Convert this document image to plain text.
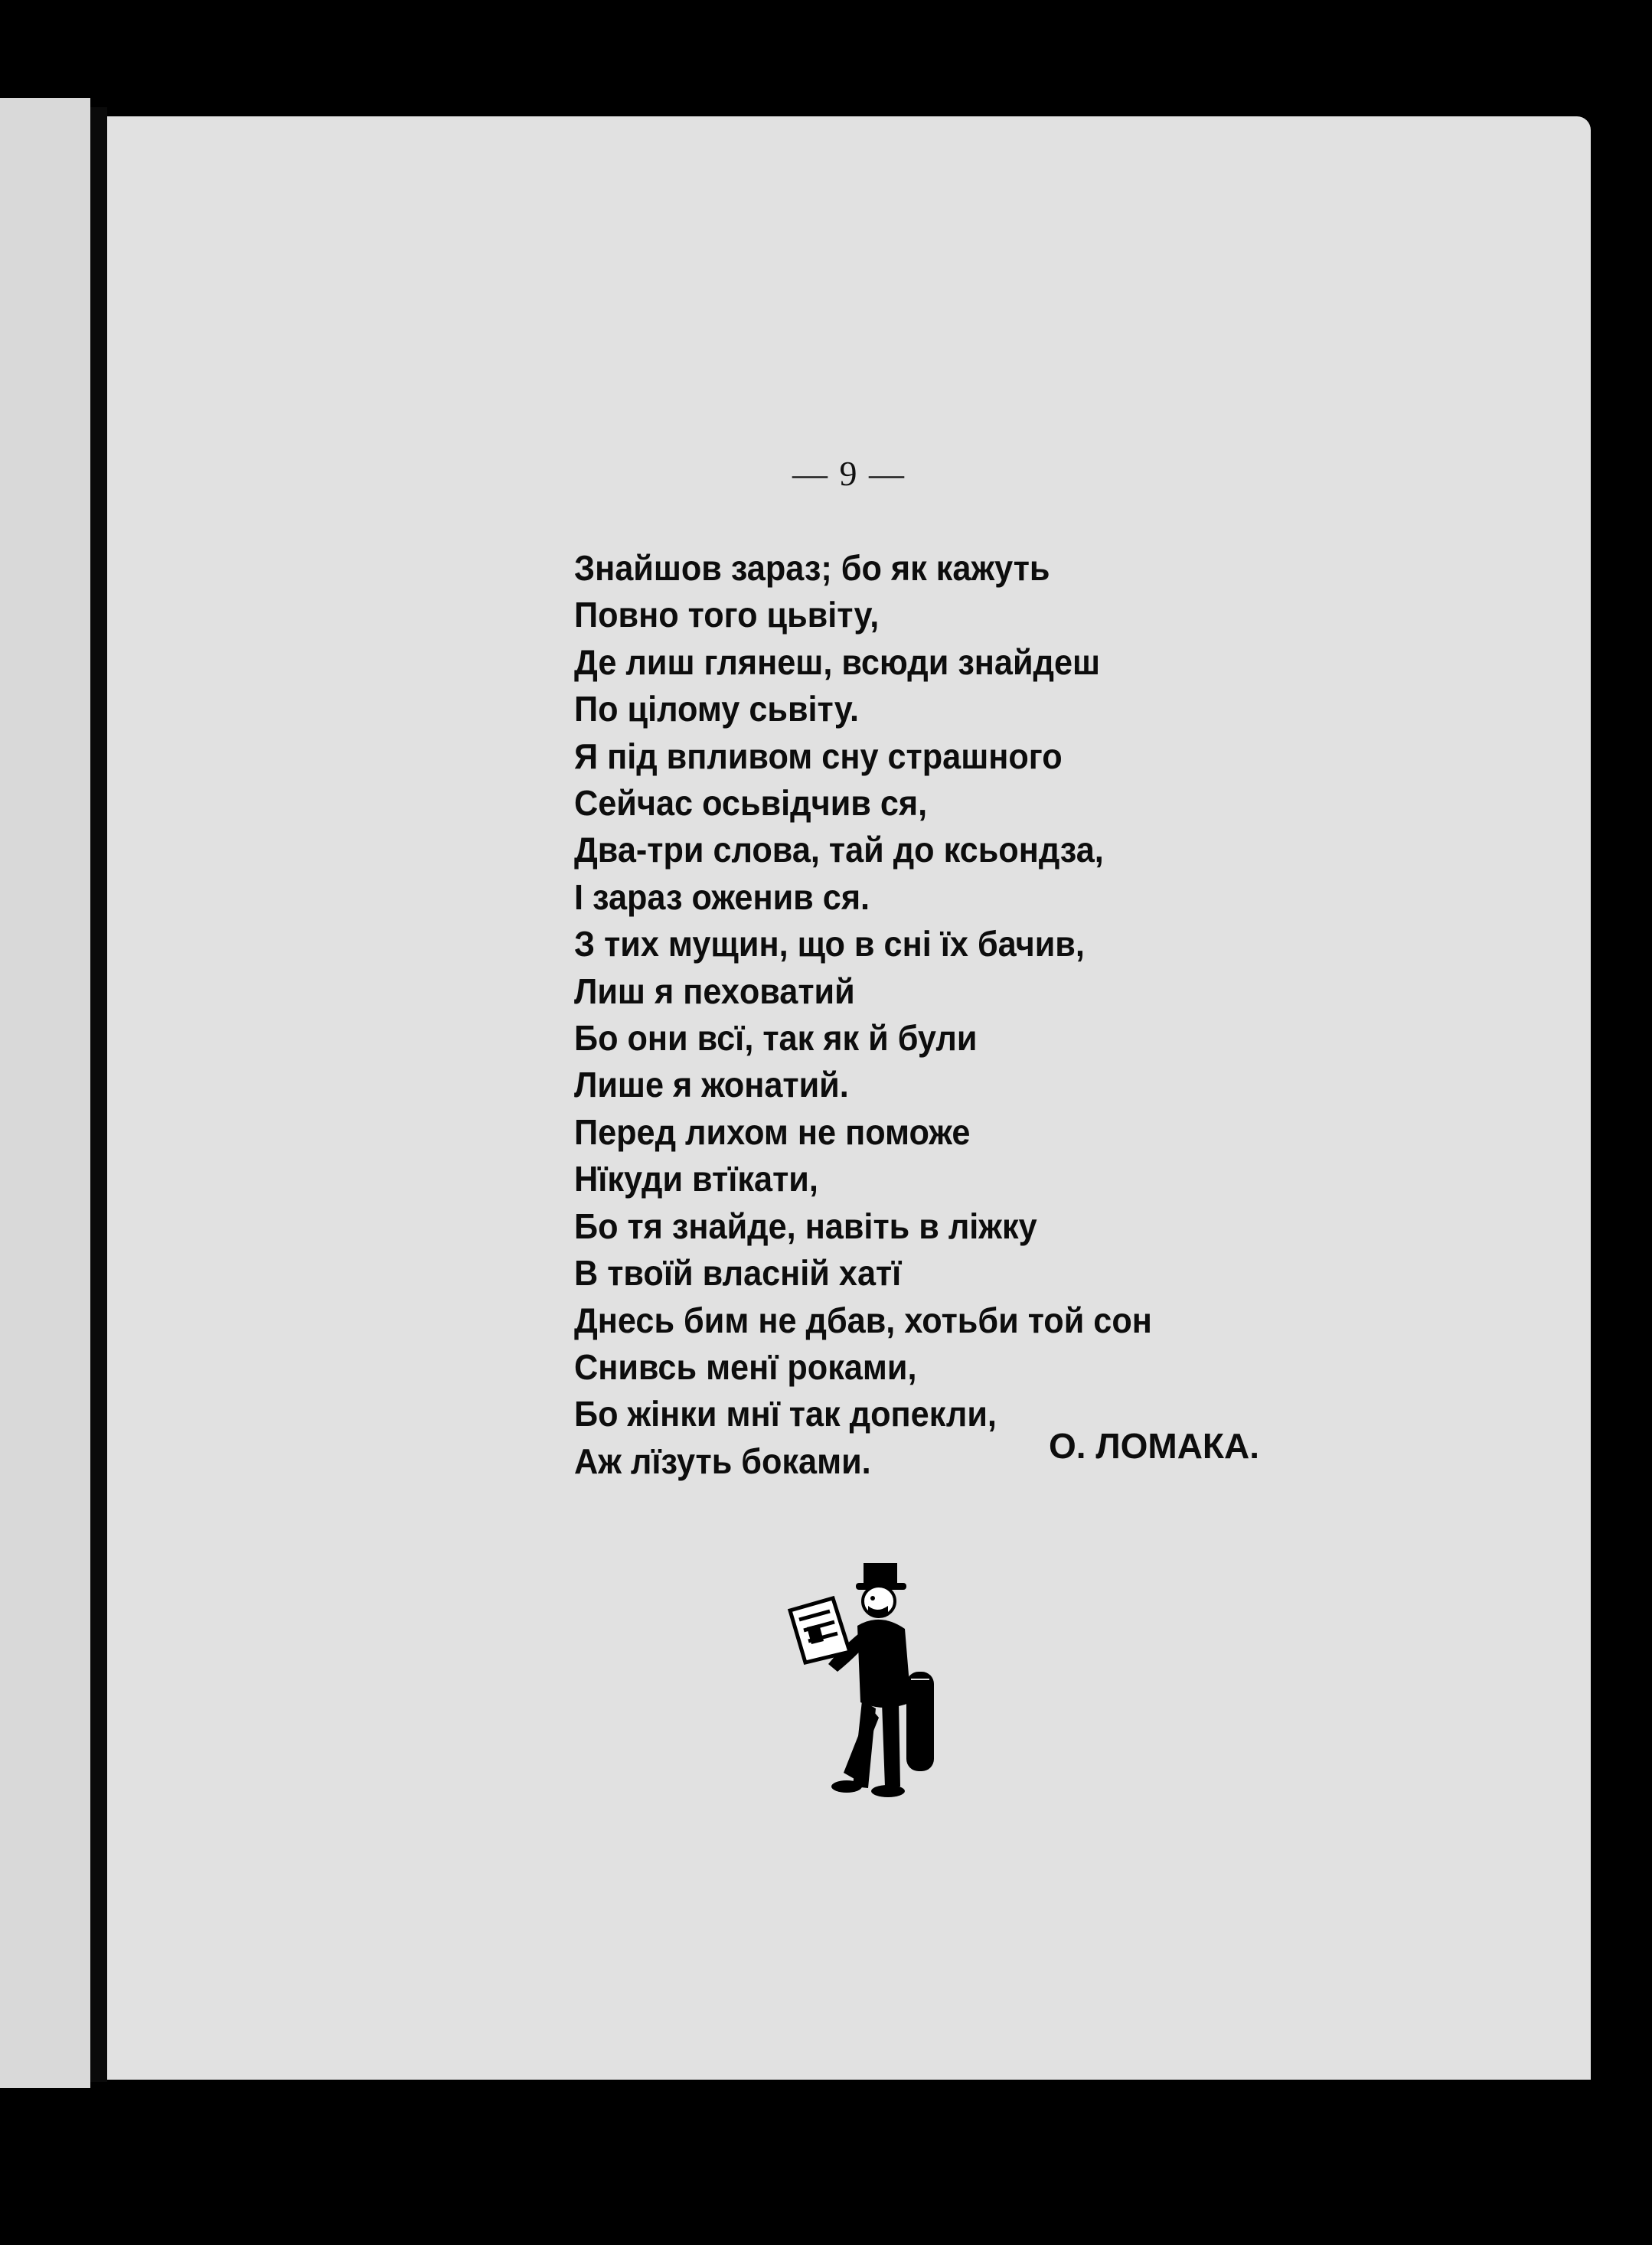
— 9 —
Знайшов зараз; бо як кажуть
Повно того цьвіту,
Де лиш глянеш, всюди знайдеш
По цілому сьвіту.
Я під впливом сну страшного
Сейчас осьвідчив ся,
Два-три слова, тай до ксьондза,
І зараз оженив ся.
З тих мущин, що в сні їх бачив,
Лиш я пехoватий
Бо они всї, так як й були
Лише я жонатий.
Перед лихом не поможе
Нїкуди втїкати,
Бо тя знайде, навіть в ліжку
В твоїй власній хатї
Днесь бим не дбав, хотьби той сон
Снивсь менї роками,
Бо жінки мнї так допекли,
Аж лїзуть боками.	О. ЛОМАКА.
